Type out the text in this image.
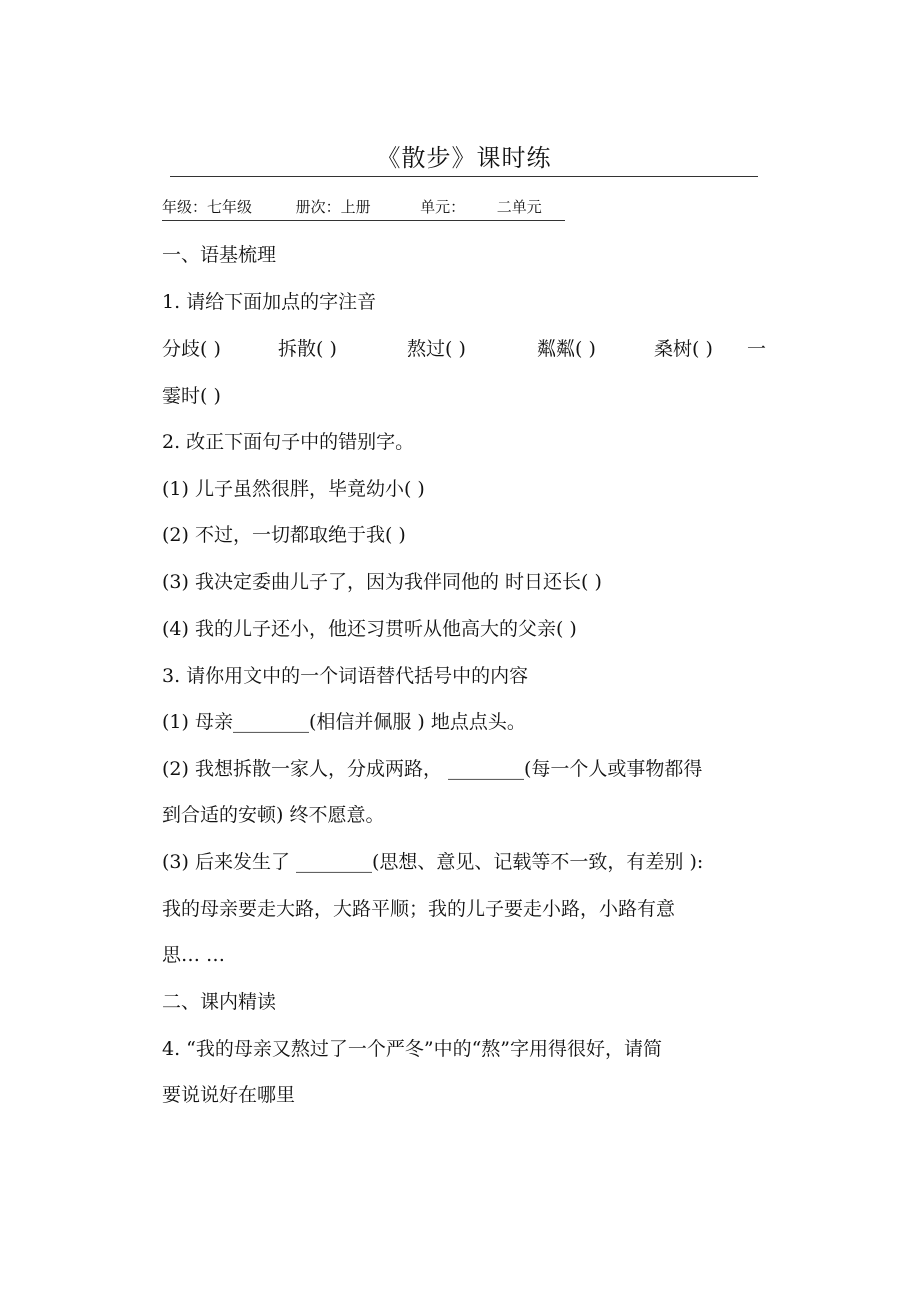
《散步》课时练
年级：七年级	册次：上册	单元： 二单元
一、语基梳理
1. 请给下面加点的字注音
分歧( )	拆散( )	熬过( )	粼粼( )	桑树( ) 一
霎时( )
2. 改正下面句子中的错别字。
(1) 儿子虽然很胖，毕竟幼小( )
(2) 不过，一切都取绝于我( )
(3) 我决定委曲儿子了，因为我伴同他的 时日还长( )
(4) 我的儿子还小，他还习贯听从他高大的父亲( )
3. 请你用文中的一个词语替代括号中的内容
(1) 母亲________(相信并佩服 ) 地点点头。
(2) 我想拆散一家人，分成两路， ________(每一个人或事物都得
到合适的安顿) 终不愿意。
(3) 后来发生了 ________(思想、意见、记载等不一致，有差别 ):
我的母亲要走大路，大路平顺；我的儿子要走小路，小路有意
思… …
二、课内精读
4. “我的母亲又熬过了一个严冬”中的“熬”字用得很好，请简
要说说好在哪里
